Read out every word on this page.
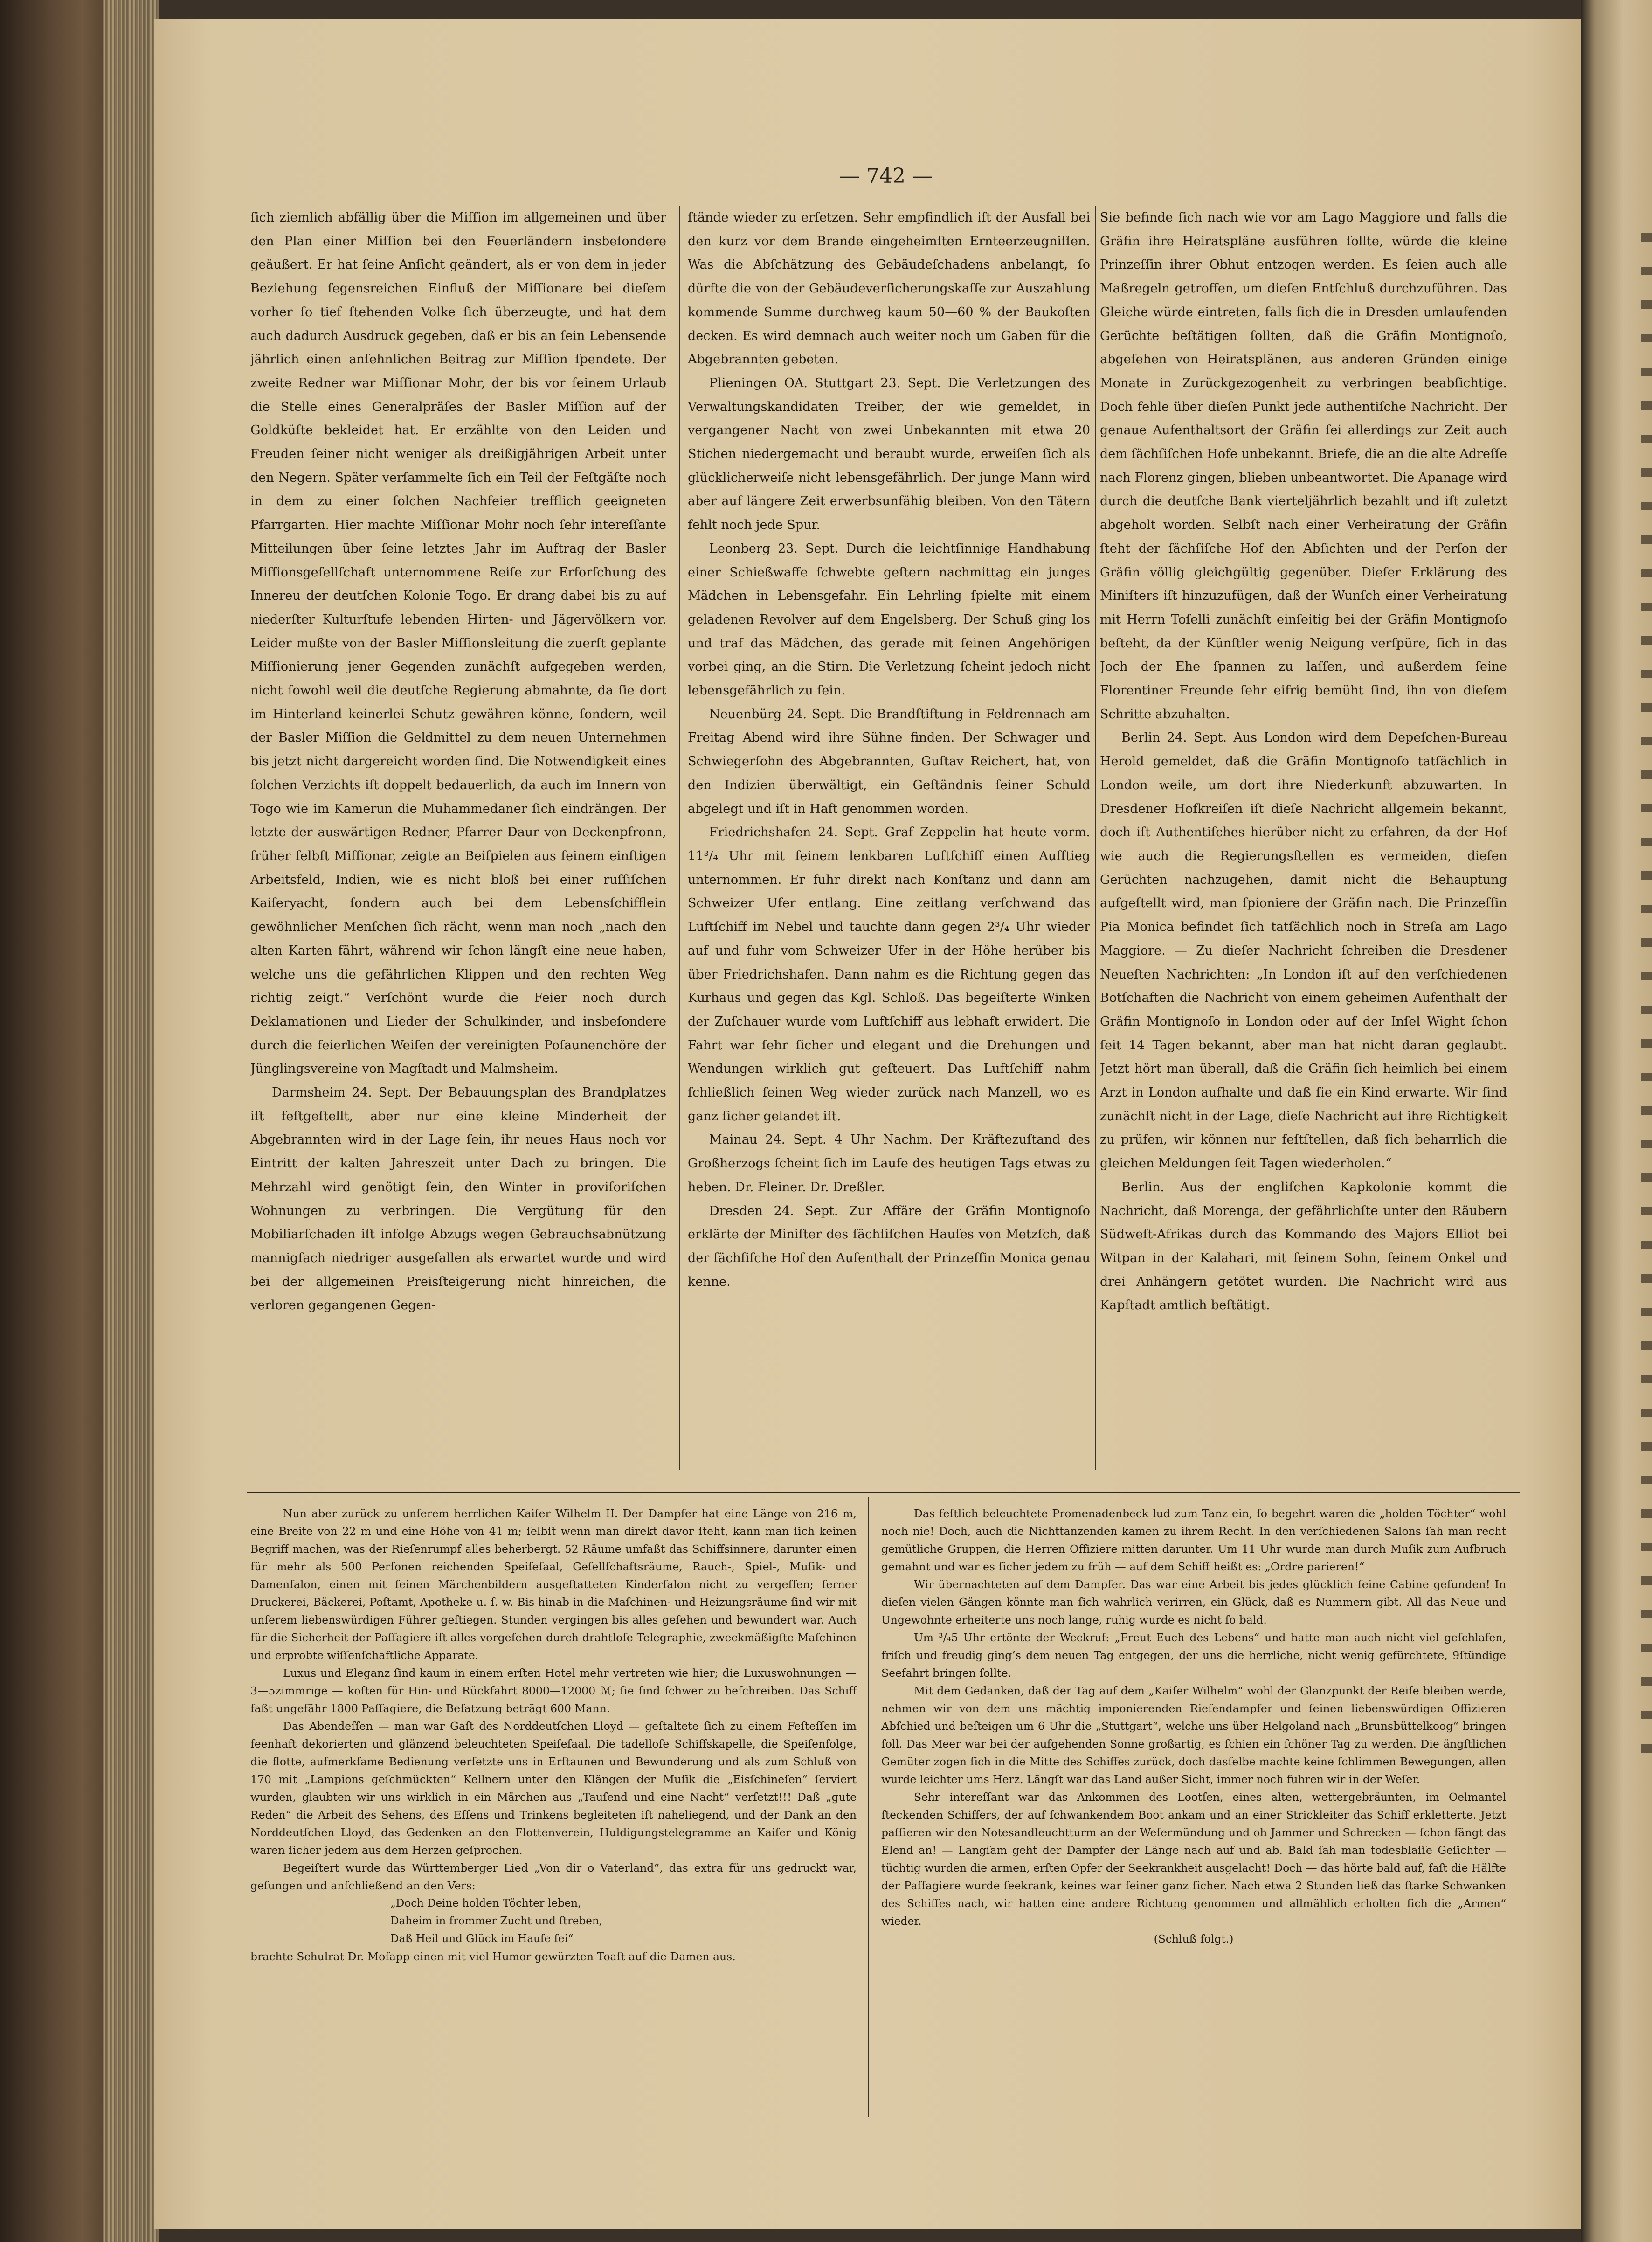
— 742 —

ſich ziemlich abfällig über die Miſſion im allgemeinen und über den Plan einer Miſſion bei den Feuerländern insbeſondere geäußert. Er hat ſeine Anſicht geändert, als er von dem in jeder Beziehung ſegensreichen Einfluß der Miſſionare bei dieſem vorher ſo tief ſtehenden Volke ſich überzeugte, und hat dem auch dadurch Ausdruck gegeben, daß er bis an ſein Lebensende jährlich einen anſehnlichen Beitrag zur Miſſion ſpendete. Der zweite Redner war Miſſionar Mohr, der bis vor ſeinem Urlaub die Stelle eines Generalpräſes der Basler Miſſion auf der Goldküſte bekleidet hat. Er erzählte von den Leiden und Freuden ſeiner nicht weniger als dreißigjährigen Arbeit unter den Negern. Später verſammelte ſich ein Teil der Feſtgäſte noch in dem zu einer ſolchen Nachfeier trefflich geeigneten Pfarrgarten. Hier machte Miſſionar Mohr noch ſehr intereſſante Mitteilungen über ſeine letztes Jahr im Auftrag der Basler Miſſionsgeſellſchaft unternommene Reiſe zur Erforſchung des Innereu der deutſchen Kolonie Togo. Er drang dabei bis zu auf niederſter Kulturſtufe lebenden Hirten- und Jägervölkern vor. Leider mußte von der Basler Miſſionsleitung die zuerſt geplante Miſſionierung jener Gegenden zunächſt aufgegeben werden, nicht ſowohl weil die deutſche Regierung abmahnte, da ſie dort im Hinterland keinerlei Schutz gewähren könne, ſondern, weil der Basler Miſſion die Geldmittel zu dem neuen Unternehmen bis jetzt nicht dargereicht worden ſind. Die Notwendigkeit eines ſolchen Verzichts iſt doppelt bedauerlich, da auch im Innern von Togo wie im Kamerun die Muhammedaner ſich eindrängen. Der letzte der auswärtigen Redner, Pfarrer Daur von Deckenpfronn, früher ſelbſt Miſſionar, zeigte an Beiſpielen aus ſeinem einſtigen Arbeitsfeld, Indien, wie es nicht bloß bei einer ruſſiſchen Kaiſeryacht, ſondern auch bei dem Lebensſchifflein gewöhnlicher Menſchen ſich rächt, wenn man noch „nach den alten Karten fährt, während wir ſchon längſt eine neue haben, welche uns die gefährlichen Klippen und den rechten Weg richtig zeigt.“ Verſchönt wurde die Feier noch durch Deklamationen und Lieder der Schulkinder, und insbeſondere durch die feierlichen Weiſen der vereinigten Poſaunenchöre der Jünglingsvereine von Magſtadt und Malmsheim.

Darmsheim 24. Sept. Der Bebauungsplan des Brandplatzes iſt feſtgeſtellt, aber nur eine kleine Minderheit der Abgebrannten wird in der Lage ſein, ihr neues Haus noch vor Eintritt der kalten Jahreszeit unter Dach zu bringen. Die Mehrzahl wird genötigt ſein, den Winter in proviſoriſchen Wohnungen zu verbringen. Die Vergütung für den Mobiliarſchaden iſt infolge Abzugs wegen Gebrauchsabnützung mannigfach niedriger ausgefallen als erwartet wurde und wird bei der allgemeinen Preisſteigerung nicht hinreichen, die verloren gegangenen Gegen-

ſtände wieder zu erſetzen. Sehr empfindlich iſt der Ausfall bei den kurz vor dem Brande eingeheimſten Ernteerzeugniſſen. Was die Abſchätzung des Gebäudeſchadens anbelangt, ſo dürfte die von der Gebäudeverſicherungskaſſe zur Auszahlung kommende Summe durchweg kaum 50—60 % der Baukoſten decken. Es wird demnach auch weiter noch um Gaben für die Abgebrannten gebeten.

Plieningen OA. Stuttgart 23. Sept. Die Verletzungen des Verwaltungskandidaten Treiber, der wie gemeldet, in vergangener Nacht von zwei Unbekannten mit etwa 20 Stichen niedergemacht und beraubt wurde, erweiſen ſich als glücklicherweiſe nicht lebensgefährlich. Der junge Mann wird aber auf längere Zeit erwerbsunfähig bleiben. Von den Tätern fehlt noch jede Spur.

Leonberg 23. Sept. Durch die leichtſinnige Handhabung einer Schießwaffe ſchwebte geſtern nachmittag ein junges Mädchen in Lebensgefahr. Ein Lehrling ſpielte mit einem geladenen Revolver auf dem Engelsberg. Der Schuß ging los und traf das Mädchen, das gerade mit ſeinen Angehörigen vorbei ging, an die Stirn. Die Verletzung ſcheint jedoch nicht lebensgefährlich zu ſein.

Neuenbürg 24. Sept. Die Brandſtiftung in Feldrennach am Freitag Abend wird ihre Sühne finden. Der Schwager und Schwiegerſohn des Abgebrannten, Guſtav Reichert, hat, von den Indizien überwältigt, ein Geſtändnis ſeiner Schuld abgelegt und iſt in Haft genommen worden.

Friedrichshafen 24. Sept. Graf Zeppelin hat heute vorm. 11³/₄ Uhr mit ſeinem lenkbaren Luftſchiff einen Aufſtieg unternommen. Er fuhr direkt nach Konſtanz und dann am Schweizer Ufer entlang. Eine zeitlang verſchwand das Luftſchiff im Nebel und tauchte dann gegen 2³/₄ Uhr wieder auf und fuhr vom Schweizer Ufer in der Höhe herüber bis über Friedrichshafen. Dann nahm es die Richtung gegen das Kurhaus und gegen das Kgl. Schloß. Das begeiſterte Winken der Zuſchauer wurde vom Luftſchiff aus lebhaft erwidert. Die Fahrt war ſehr ſicher und elegant und die Drehungen und Wendungen wirklich gut geſteuert. Das Luftſchiff nahm ſchließlich ſeinen Weg wieder zurück nach Manzell, wo es ganz ſicher gelandet iſt.

Mainau 24. Sept. 4 Uhr Nachm. Der Kräftezuſtand des Großherzogs ſcheint ſich im Laufe des heutigen Tags etwas zu heben. Dr. Fleiner. Dr. Dreßler.

Dresden 24. Sept. Zur Affäre der Gräfin Montignoſo erklärte der Miniſter des ſächſiſchen Hauſes von Metzſch, daß der ſächſiſche Hof den Aufenthalt der Prinzeſſin Monica genau kenne.

Sie befinde ſich nach wie vor am Lago Maggiore und falls die Gräfin ihre Heiratspläne ausführen ſollte, würde die kleine Prinzeſſin ihrer Obhut entzogen werden. Es ſeien auch alle Maßregeln getroffen, um dieſen Entſchluß durchzuführen. Das Gleiche würde eintreten, falls ſich die in Dresden umlaufenden Gerüchte beſtätigen ſollten, daß die Gräfin Montignoſo, abgeſehen von Heiratsplänen, aus anderen Gründen einige Monate in Zurückgezogenheit zu verbringen beabſichtige. Doch fehle über dieſen Punkt jede authentiſche Nachricht. Der genaue Aufenthaltsort der Gräfin ſei allerdings zur Zeit auch dem ſächſiſchen Hofe unbekannt. Briefe, die an die alte Adreſſe nach Florenz gingen, blieben unbeantwortet. Die Apanage wird durch die deutſche Bank vierteljährlich bezahlt und iſt zuletzt abgeholt worden. Selbſt nach einer Verheiratung der Gräfin ſteht der ſächſiſche Hof den Abſichten und der Perſon der Gräfin völlig gleichgültig gegenüber. Dieſer Erklärung des Miniſters iſt hinzuzufügen, daß der Wunſch einer Verheiratung mit Herrn Toſelli zunächſt einſeitig bei der Gräfin Montignoſo beſteht, da der Künſtler wenig Neigung verſpüre, ſich in das Joch der Ehe ſpannen zu laſſen, und außerdem ſeine Florentiner Freunde ſehr eifrig bemüht ſind, ihn von dieſem Schritte abzuhalten.

Berlin 24. Sept. Aus London wird dem Depeſchen-Bureau Herold gemeldet, daß die Gräfin Montignoſo tatſächlich in London weile, um dort ihre Niederkunft abzuwarten. In Dresdener Hofkreiſen iſt dieſe Nachricht allgemein bekannt, doch iſt Authentiſches hierüber nicht zu erfahren, da der Hof wie auch die Regierungsſtellen es vermeiden, dieſen Gerüchten nachzugehen, damit nicht die Behauptung aufgeſtellt wird, man ſpioniere der Gräfin nach. Die Prinzeſſin Pia Monica befindet ſich tatſächlich noch in Streſa am Lago Maggiore. — Zu dieſer Nachricht ſchreiben die Dresdener Neueſten Nachrichten: „In London iſt auf den verſchiedenen Botſchaften die Nachricht von einem geheimen Aufenthalt der Gräfin Montignoſo in London oder auf der Inſel Wight ſchon ſeit 14 Tagen bekannt, aber man hat nicht daran geglaubt. Jetzt hört man überall, daß die Gräfin ſich heimlich bei einem Arzt in London aufhalte und daß ſie ein Kind erwarte. Wir ſind zunächſt nicht in der Lage, dieſe Nachricht auf ihre Richtigkeit zu prüfen, wir können nur feſtſtellen, daß ſich beharrlich die gleichen Meldungen ſeit Tagen wiederholen.“

Berlin. Aus der engliſchen Kapkolonie kommt die Nachricht, daß Morenga, der gefährlichſte unter den Räubern Südweſt-Afrikas durch das Kommando des Majors Elliot bei Witpan in der Kalahari, mit ſeinem Sohn, ſeinem Onkel und drei Anhängern getötet wurden. Die Nachricht wird aus Kapſtadt amtlich beſtätigt.

Nun aber zurück zu unſerem herrlichen Kaiſer Wilhelm II. Der Dampfer hat eine Länge von 216 m, eine Breite von 22 m und eine Höhe von 41 m; ſelbſt wenn man direkt davor ſteht, kann man ſich keinen Begriff machen, was der Rieſenrumpf alles beherbergt. 52 Räume umfaßt das Schiffsinnere, darunter einen für mehr als 500 Perſonen reichenden Speiſeſaal, Geſellſchaftsräume, Rauch-, Spiel-, Muſik- und Damenſalon, einen mit ſeinen Märchenbildern ausgeſtatteten Kinderſalon nicht zu vergeſſen; ferner Druckerei, Bäckerei, Poſtamt, Apotheke u. ſ. w. Bis hinab in die Maſchinen- und Heizungsräume ſind wir mit unſerem liebenswürdigen Führer geſtiegen. Stunden vergingen bis alles geſehen und bewundert war. Auch für die Sicherheit der Paſſagiere iſt alles vorgeſehen durch drahtloſe Telegraphie, zweckmäßigſte Maſchinen und erprobte wiſſenſchaftliche Apparate.

Luxus und Eleganz ſind kaum in einem erſten Hotel mehr vertreten wie hier; die Luxuswohnungen — 3—5zimmrige — koſten für Hin- und Rückfahrt 8000—12000 ℳ; ſie ſind ſchwer zu beſchreiben. Das Schiff faßt ungefähr 1800 Paſſagiere, die Beſatzung beträgt 600 Mann.

Das Abendeſſen — man war Gaſt des Norddeutſchen Lloyd — geſtaltete ſich zu einem Feſteſſen im feenhaft dekorierten und glänzend beleuchteten Speiſeſaal. Die tadelloſe Schiffskapelle, die Speiſenfolge, die flotte, aufmerkſame Bedienung verſetzte uns in Erſtaunen und Bewunderung und als zum Schluß von 170 mit „Lampions geſchmückten“ Kellnern unter den Klängen der Muſik die „Eisſchineſen“ ſerviert wurden, glaubten wir uns wirklich in ein Märchen aus „Tauſend und eine Nacht“ verſetzt!!! Daß „gute Reden“ die Arbeit des Sehens, des Eſſens und Trinkens begleiteten iſt naheliegend, und der Dank an den Norddeutſchen Lloyd, das Gedenken an den Flottenverein, Huldigungstelegramme an Kaiſer und König waren ſicher jedem aus dem Herzen geſprochen.

Begeiſtert wurde das Württemberger Lied „Von dir o Vaterland“, das extra für uns gedruckt war, geſungen und anſchließend an den Vers:

„Doch Deine holden Töchter leben,

Daheim in frommer Zucht und ſtreben,

Daß Heil und Glück im Hauſe ſei“

brachte Schulrat Dr. Moſapp einen mit viel Humor gewürzten Toaſt auf die Damen aus.

Das feſtlich beleuchtete Promenadenbeck lud zum Tanz ein, ſo begehrt waren die „holden Töchter“ wohl noch nie! Doch, auch die Nichttanzenden kamen zu ihrem Recht. In den verſchiedenen Salons ſah man recht gemütliche Gruppen, die Herren Offiziere mitten darunter. Um 11 Uhr wurde man durch Muſik zum Aufbruch gemahnt und war es ſicher jedem zu früh — auf dem Schiff heißt es: „Ordre parieren!“

Wir übernachteten auf dem Dampfer. Das war eine Arbeit bis jedes glücklich ſeine Cabine gefunden! In dieſen vielen Gängen könnte man ſich wahrlich verirren, ein Glück, daß es Nummern gibt. All das Neue und Ungewohnte erheiterte uns noch lange, ruhig wurde es nicht ſo bald.

Um ³/₄5 Uhr ertönte der Weckruf: „Freut Euch des Lebens“ und hatte man auch nicht viel geſchlafen, friſch und freudig ging’s dem neuen Tag entgegen, der uns die herrliche, nicht wenig gefürchtete, 9ſtündige Seefahrt bringen ſollte.

Mit dem Gedanken, daß der Tag auf dem „Kaiſer Wilhelm“ wohl der Glanzpunkt der Reiſe bleiben werde, nehmen wir von dem uns mächtig imponierenden Rieſendampfer und ſeinen liebenswürdigen Offizieren Abſchied und beſteigen um 6 Uhr die „Stuttgart“, welche uns über Helgoland nach „Brunsbüttelkoog“ bringen ſoll. Das Meer war bei der aufgehenden Sonne großartig, es ſchien ein ſchöner Tag zu werden. Die ängſtlichen Gemüter zogen ſich in die Mitte des Schiffes zurück, doch dasſelbe machte keine ſchlimmen Bewegungen, allen wurde leichter ums Herz. Längſt war das Land außer Sicht, immer noch fuhren wir in der Weſer.

Sehr intereſſant war das Ankommen des Lootſen, eines alten, wettergebräunten, im Oelmantel ſteckenden Schiffers, der auf ſchwankendem Boot ankam und an einer Strickleiter das Schiff erkletterte. Jetzt paſſieren wir den Notesandleuchtturm an der Weſermündung und oh Jammer und Schrecken — ſchon fängt das Elend an! — Langſam geht der Dampfer der Länge nach auf und ab. Bald ſah man todesblaſſe Geſichter — tüchtig wurden die armen, erſten Opfer der Seekrankheit ausgelacht! Doch — das hörte bald auf, faſt die Hälfte der Paſſagiere wurde ſeekrank, keines war ſeiner ganz ſicher. Nach etwa 2 Stunden ließ das ſtarke Schwanken des Schiffes nach, wir hatten eine andere Richtung genommen und allmählich erholten ſich die „Armen“ wieder.

(Schluß folgt.)
